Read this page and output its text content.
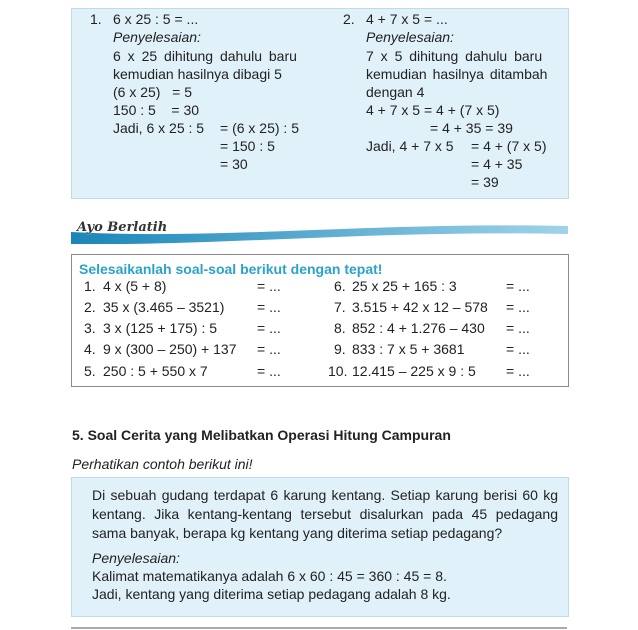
1. 6 x 25 : 5 = ...
Penyelesaian:
6 x 25 dihitung dahulu baru
kemudian hasilnya dibagi 5
(6 x 25)   = 5
150 : 5    = 30
Jadi, 6 x 25 : 5 = (6 x 25) : 5
= 150 : 5
= 30
2. 4 + 7 x 5 = ...
Penyelesaian:
7 x 5 dihitung dahulu baru
kemudian hasilnya ditambah
dengan 4
4 + 7 x 5 = 4 + (7 x 5)
= 4 + 35 = 39
Jadi, 4 + 7 x 5 = 4 + (7 x 5)
= 4 + 35
= 39
Ayo Berlatih
Selesaikanlah soal-soal berikut dengan tepat!
1. 4 x (5 + 8)	= ...
2. 35 x (3.465 – 3521) = ...
3. 3 x (125 + 175) : 5	= ...
4. 9 x (300 – 250) + 137 = ...
5. 250 : 5 + 550 x 7	= ...
6. 25 x 25 + 165 : 3	= ...
7. 3.515 + 42 x 12 – 578 = ...
8. 852 : 4 + 1.276 – 430 = ...
9. 833 : 7 x 5 + 3681	= ...
10. 12.415 – 225 x 9 : 5 = ...
5. Soal Cerita yang Melibatkan Operasi Hitung Campuran
Perhatikan contoh berikut ini!
Di sebuah gudang terdapat 6 karung kentang. Setiap karung berisi 60 kg kentang. Jika kentang-kentang tersebut disalurkan pada 45 pedagang sama banyak, berapa kg kentang yang diterima setiap pedagang?
Penyelesaian:
Kalimat matematikanya adalah 6 x 60 : 45 = 360 : 45 = 8.
Jadi, kentang yang diterima setiap pedagang adalah 8 kg.
